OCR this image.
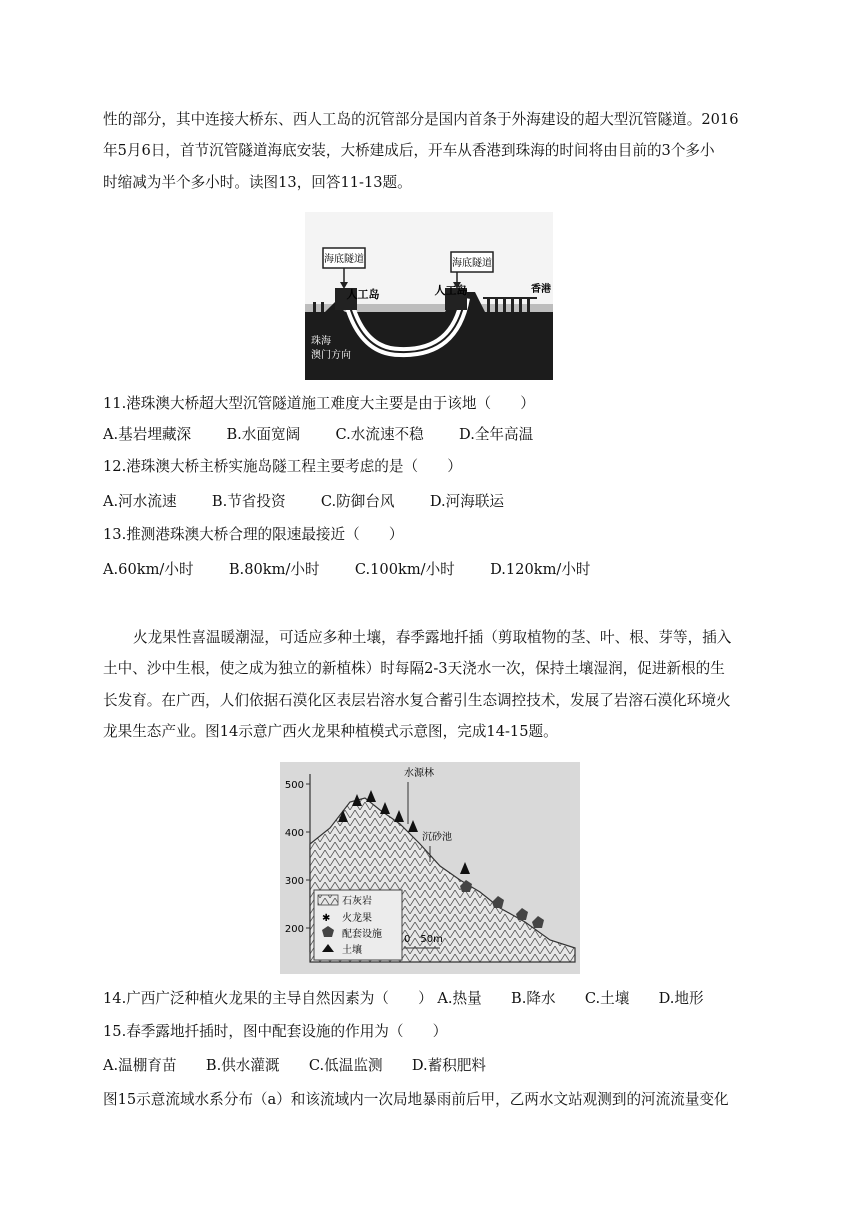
性的部分，其中连接大桥东、西人工岛的沉管部分是国内首条于外海建设的超大型沉管隧道。2016

年5月6日，首节沉管隧道海底安装，大桥建成后，开车从香港到珠海的时间将由目前的3个多小

时缩减为半个多小时。读图13，回答11-13题。

海底隧道	海底隧道
人工岛	人工岛	香港
珠海
澳门方向

11.港珠澳大桥超大型沉管隧道施工难度大主要是由于该地（　　）

A.基岩埋藏深 B.水面宽阔 C.水流速不稳 D.全年高温

12.港珠澳大桥主桥实施岛隧工程主要考虑的是（　　）

A.河水流速 B.节省投资 C.防御台风 D.河海联运

13.推测港珠澳大桥合理的限速最接近（　　）

A.60km/小时 B.80km/小时 C.100km/小时 D.120km/小时

火龙果性喜温暖潮湿，可适应多种土壤，春季露地扦插（剪取植物的茎、叶、根、芽等，插入

土中、沙中生根，使之成为独立的新植株）时每隔2-3天浇水一次，保持土壤湿润，促进新根的生

长发育。在广西，人们依据石漠化区表层岩溶水复合蓄引生态调控技术，发展了岩溶石漠化环境火

龙果生态产业。图14示意广西火龙果种植模式示意图，完成14-15题。

500
400
300
200
水源林
沉砂池
石灰岩
✱ 火龙果
配套设施
土壤
0　50m

14.广西广泛种植火龙果的主导自然因素为（　　） A.热量 B.降水 C.土壤 D.地形

15.春季露地扦插时，图中配套设施的作用为（　　）

A.温棚育苗 B.供水灌溉 C.低温监测 D.蓄积肥料

图15示意流域水系分布（a）和该流域内一次局地暴雨前后甲，乙两水文站观测到的河流流量变化
